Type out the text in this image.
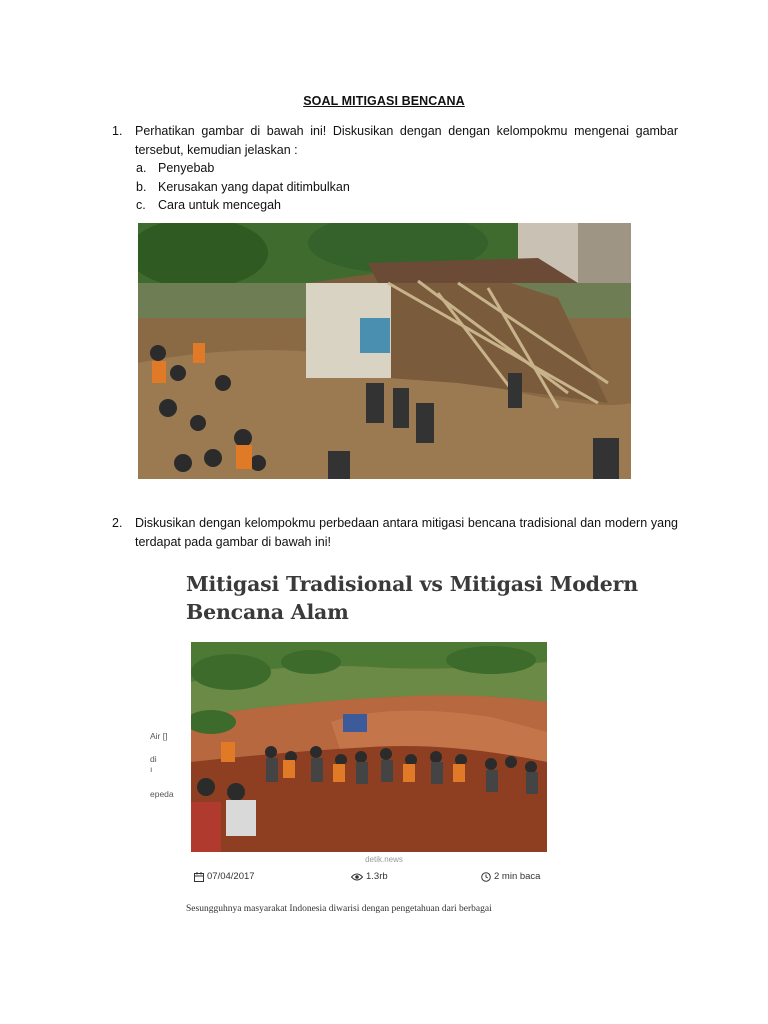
SOAL MITIGASI BENCANA
1.	Perhatikan gambar di bawah ini! Diskusikan dengan dengan kelompokmu mengenai gambar tersebut, kemudian jelaskan :
a. Penyebab
b. Kerusakan yang dapat ditimbulkan
c. Cara untuk mencegah
2.	Diskusikan dengan kelompokmu perbedaan antara mitigasi bencana tradisional dan modern yang terdapat pada gambar di bawah ini!
Mitigasi Tradisional vs Mitigasi Modern
Bencana Alam
Air []
di
ı
epeda
detik.news
07/04/2017	1.3rb	2 min baca
Sesungguhnya masyarakat Indonesia diwarisi dengan pengetahuan dari berbagai
